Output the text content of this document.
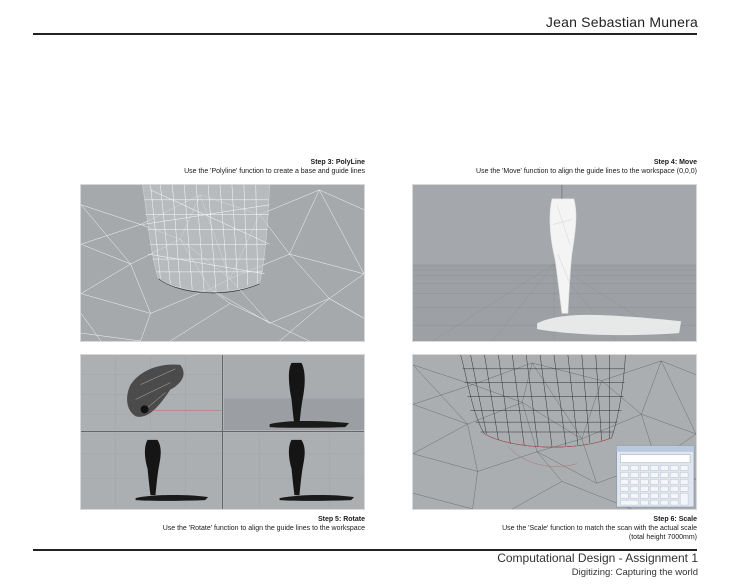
Jean Sebastian Munera
Step 3: PolyLine
Use the 'Polyline' function to create a base and guide lines
Step 4: Move
Use the 'Move' function to align the guide lines to the workspace (0,0,0)
Step 5: Rotate
Use the 'Rotate' function to align the guide lines to the workspace
Step 6: Scale
Use the 'Scale' function to match the scan with the actual scale
(total height 7000mm)
Computational Design - Assignment 1
Digitizing: Capturing the world
